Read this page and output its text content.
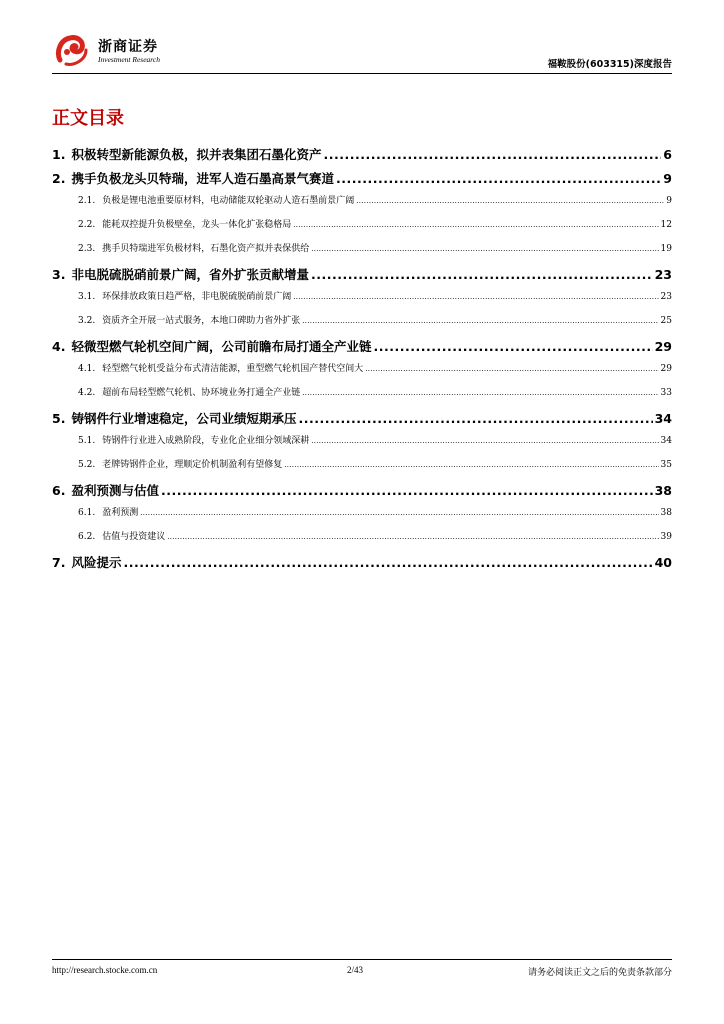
浙商证券
Investment Research	福鞍股份(603315)深度报告
正文目录
1. 积极转型新能源负极，拟并表集团石墨化资产 .....	6
2. 携手负极龙头贝特瑞，进军人造石墨高景气赛道 .....	9
2.1. 负极是锂电池重要原材料，电动储能双轮驱动人造石墨前景广阔 .....	9
2.2. 能耗双控提升负极壁垒，龙头一体化扩张稳格局 .....	12
2.3. 携手贝特瑞进军负极材料，石墨化资产拟并表保供给 .....	19
3. 非电脱硫脱硝前景广阔，省外扩张贡献增量 .....	23
3.1. 环保排放政策日趋严格，非电脱硫脱硝前景广阔 .....	23
3.2. 资质齐全开展一站式服务，本地口碑助力省外扩张 .....	25
4. 轻微型燃气轮机空间广阔，公司前瞻布局打通全产业链 .....	29
4.1. 轻型燃气轮机受益分布式清洁能源，重型燃气轮机国产替代空间大 .....	29
4.2. 超前布局轻型燃气轮机、协环境业务打通全产业链 .....	33
5. 铸钢件行业增速稳定，公司业绩短期承压 .....	34
5.1. 铸钢件行业进入成熟阶段，专业化企业细分领域深耕 .....	34
5.2. 老牌铸钢件企业，理顺定价机制盈利有望修复 .....	35
6. 盈利预测与估值 .....	38
6.1. 盈利预测 .....	38
6.2. 估值与投资建议 .....	39
7. 风险提示 .....	40
http://research.stocke.com.cn	2/43	请务必阅读正文之后的免责条款部分
